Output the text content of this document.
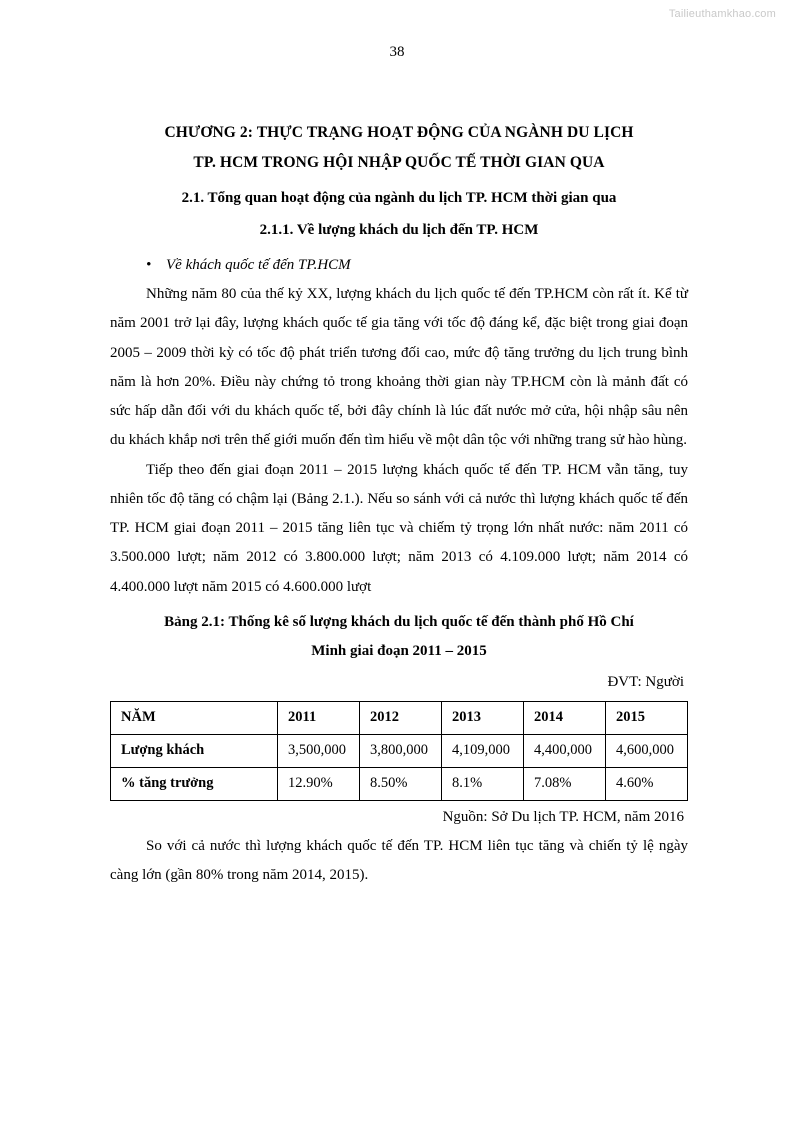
Tailieuthamkhao.com
38
CHƯƠNG 2: THỰC TRẠNG HOẠT ĐỘNG CỦA NGÀNH DU LỊCH
TP. HCM TRONG HỘI NHẬP QUỐC TẾ THỜI GIAN QUA
2.1. Tổng quan hoạt động của ngành du lịch TP. HCM thời gian qua
2.1.1. Về lượng khách du lịch đến TP. HCM
• Về khách quốc tế đến TP.HCM

Những năm 80 của thế kỷ XX, lượng khách du lịch quốc tế đến TP.HCM còn rất ít. Kể từ năm 2001 trở lại đây, lượng khách quốc tế gia tăng với tốc độ đáng kể, đặc biệt trong giai đoạn 2005 – 2009 thời kỳ có tốc độ phát triển tương đối cao, mức độ tăng trưởng du lịch trung bình năm là hơn 20%. Điều này chứng tỏ trong khoảng thời gian này TP.HCM còn là mảnh đất có sức hấp dẫn đối với du khách quốc tế, bởi đây chính là lúc đất nước mở cửa, hội nhập sâu nên du khách khắp nơi trên thế giới muốn đến tìm hiểu về một dân tộc với những trang sử hào hùng.

Tiếp theo đến giai đoạn 2011 – 2015 lượng khách quốc tế đến TP. HCM vẫn tăng, tuy nhiên tốc độ tăng có chậm lại (Bảng 2.1.). Nếu so sánh với cả nước thì lượng khách quốc tế đến TP. HCM giai đoạn 2011 – 2015 tăng liên tục và chiếm tỷ trọng lớn nhất nước: năm 2011 có 3.500.000 lượt; năm 2012 có 3.800.000 lượt; năm 2013 có 4.109.000 lượt; năm 2014 có 4.400.000 lượt năm 2015 có 4.600.000 lượt

Bảng 2.1: Thống kê số lượng khách du lịch quốc tế đến thành phố Hồ Chí
Minh giai đoạn 2011 – 2015
ĐVT: Người
NĂM	2011	2012	2013	2014	2015
Lượng khách	3,500,000	3,800,000	4,109,000	4,400,000	4,600,000
% tăng trưởng	12.90%	8.50%	8.1%	7.08%	4.60%
Nguồn: Sở Du lịch TP. HCM, năm 2016

So với cả nước thì lượng khách quốc tế đến TP. HCM liên tục tăng và chiến tỷ lệ ngày càng lớn (gần 80% trong năm 2014, 2015).
